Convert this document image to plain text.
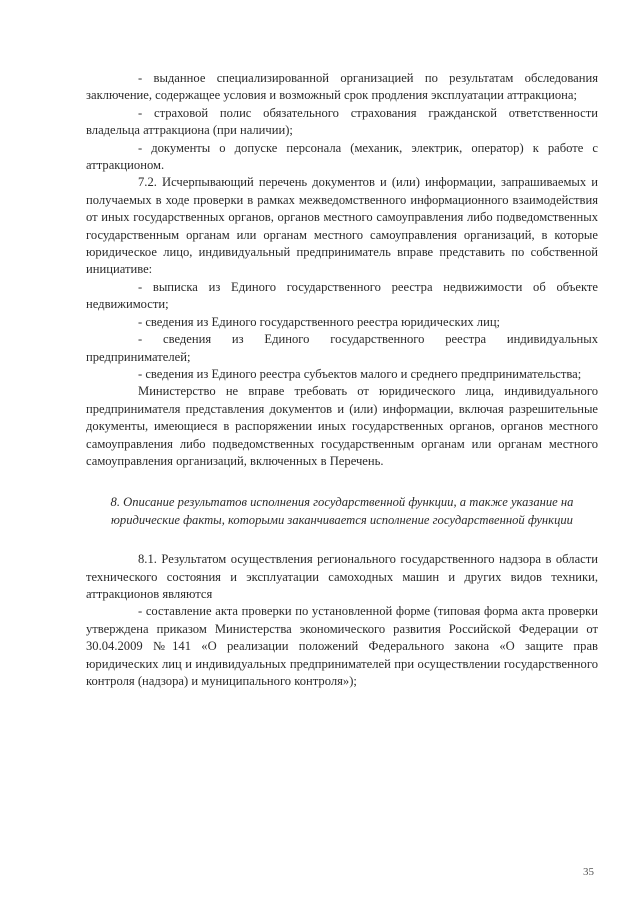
- выданное специализированной организацией по результатам обследования заключение, содержащее условия и возможный срок продления эксплуатации аттракциона;

- страховой полис обязательного страхования гражданской ответственности владельца аттракциона (при наличии);

- документы о допуске персонала (механик, электрик, оператор) к работе с аттракционом.

7.2. Исчерпывающий перечень документов и (или) информации, запрашиваемых и получаемых в ходе проверки в рамках межведомственного информационного взаимодействия от иных государственных органов, органов местного самоуправления либо подведомственных государственным органам или органам местного самоуправления организаций, в которые юридическое лицо, индивидуальный предприниматель вправе представить по собственной инициативе:

- выписка из Единого государственного реестра недвижимости об объекте недвижимости;

- сведения из Единого государственного реестра юридических лиц;

- сведения из Единого государственного реестра индивидуальных предпринимателей;

- сведения из Единого реестра субъектов малого и среднего предпринимательства;

Министерство не вправе требовать от юридического лица, индивидуального предпринимателя представления документов и (или) информации, включая разрешительные документы, имеющиеся в распоряжении иных государственных органов, органов местного самоуправления либо подведомственных государственным органам или органам местного самоуправления организаций, включенных в Перечень.

8. Описание результатов исполнения государственной функции, а также указание на юридические факты, которыми заканчивается исполнение государственной функции

8.1. Результатом осуществления регионального государственного надзора в области технического состояния и эксплуатации самоходных машин и других видов техники, аттракционов являются

- составление акта проверки по установленной форме (типовая форма акта проверки утверждена приказом Министерства экономического развития Российской Федерации от 30.04.2009 №141 «О реализации положений Федерального закона «О защите прав юридических лиц и индивидуальных предпринимателей при осуществлении государственного контроля (надзора) и муниципального контроля»);

35
